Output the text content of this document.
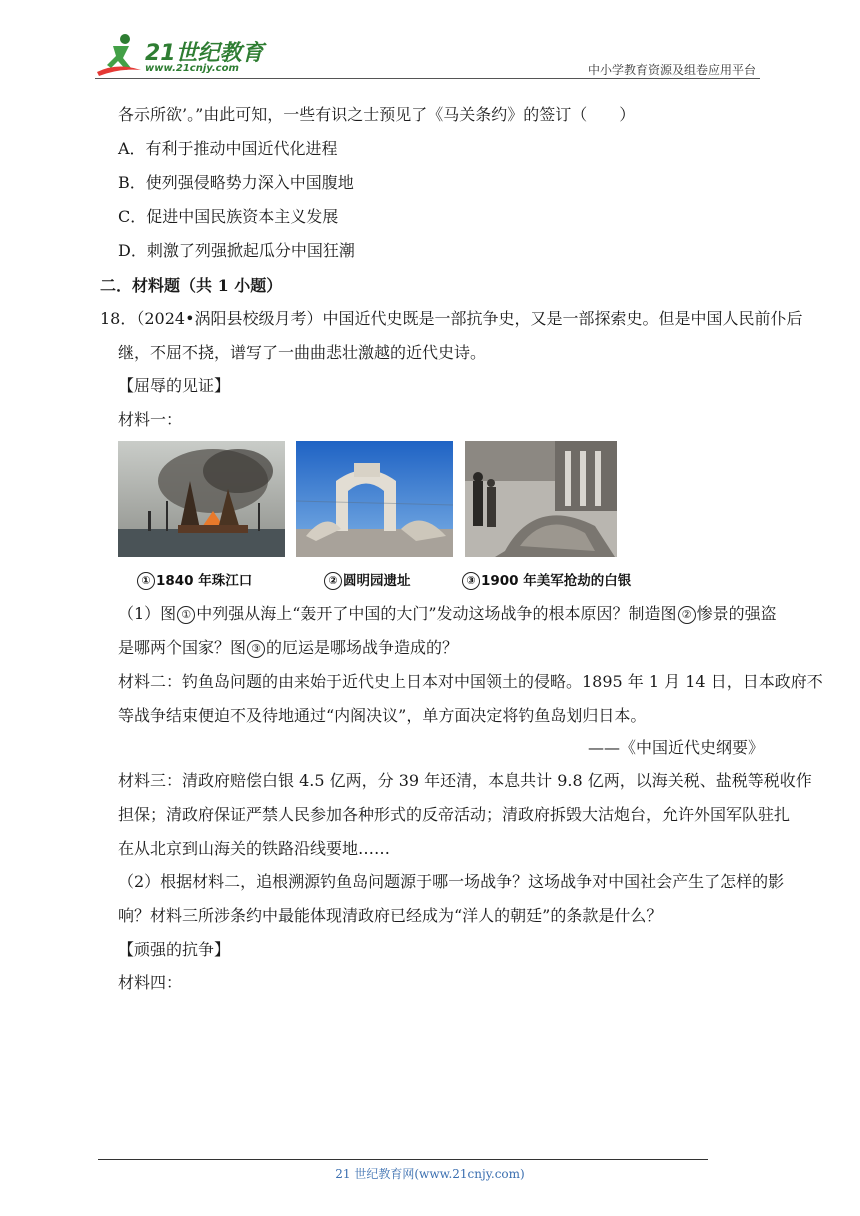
21世纪教育
www.21cnjy.com	中小学教育资源及组卷应用平台
各示所欲’。”由此可知，一些有识之士预见了《马关条约》的签订（　　）
A．有利于推动中国近代化进程
B．使列强侵略势力深入中国腹地
C．促进中国民族资本主义发展
D．刺激了列强掀起瓜分中国狂潮
二．材料题（共 1 小题）
18．（2024•涡阳县校级月考）中国近代史既是一部抗争史，又是一部探索史。但是中国人民前仆后
继，不屈不挠，谱写了一曲曲悲壮激越的近代史诗。
【屈辱的见证】
材料一：
① 1840 年珠江口	② 圆明园遗址	③ 1900 年美军抢劫的白银
（1）图 ① 中列强从海上“轰开了中国的大门”发动这场战争的根本原因？制造图 ② 惨景的强盗
是哪两个国家？图 ③ 的厄运是哪场战争造成的？
材料二：钓鱼岛问题的由来始于近代史上日本对中国领土的侵略。1895 年 1 月 14 日，日本政府不
等战争结束便迫不及待地通过“内阁决议”，单方面决定将钓鱼岛划归日本。
——《中国近代史纲要》
材料三：清政府赔偿白银 4.5 亿两，分 39 年还清，本息共计 9.8 亿两，以海关税、盐税等税收作
担保；清政府保证严禁人民参加各种形式的反帝活动；清政府拆毁大沽炮台，允许外国军队驻扎
在从北京到山海关的铁路沿线要地……
（2）根据材料二，追根溯源钓鱼岛问题源于哪一场战争？这场战争对中国社会产生了怎样的影
响？材料三所涉条约中最能体现清政府已经成为“洋人的朝廷”的条款是什么？
【顽强的抗争】
材料四：
21 世纪教育网(www.21cnjy.com)
